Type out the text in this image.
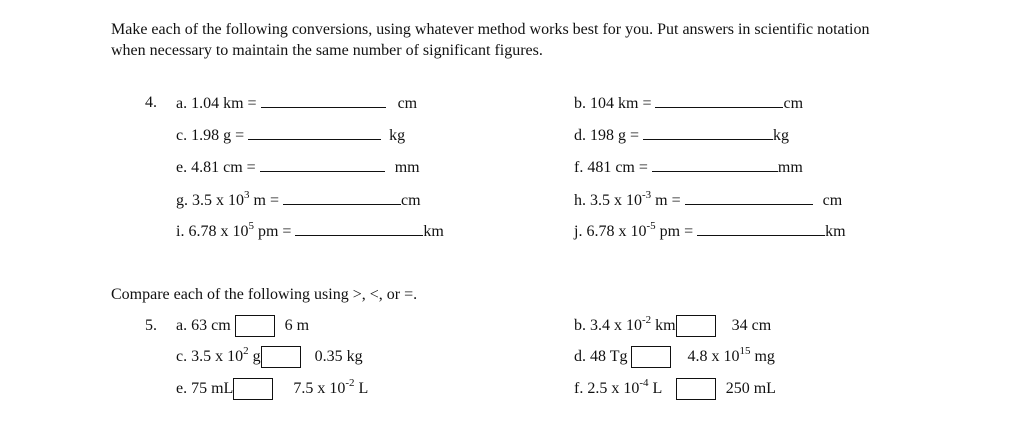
Make each of the following conversions, using whatever method works best for you. Put answers in scientific notation

when necessary to maintain the same number of significant figures.

4. a. 1.04 km =	cm	b. 104 km =	cm
c. 1.98 g =	kg	d. 198 g =	kg
e. 4.81 cm =	mm	f. 481 cm =	mm
g. 3.5 x $10^3$ m =	cm	h. 3.5 x $10^{-3}$ m =	cm
i. 6.78 x $10^5$ pm =	km	j. 6.78 x $10^{-5}$ pm =	km
Compare each of the following using >, <, or =.
5. a. 63 cm	6 m	b. 3.4 x $10^{-2}$ km	34 cm
c. 3.5 x $10^2$ g	0.35 kg	d. 48 Tg	4.8 x $10^{15}$ mg
e. 75 mL	7.5 x $10^{-2}$ L	f. 2.5 x $10^{-4}$ L	250 mL
